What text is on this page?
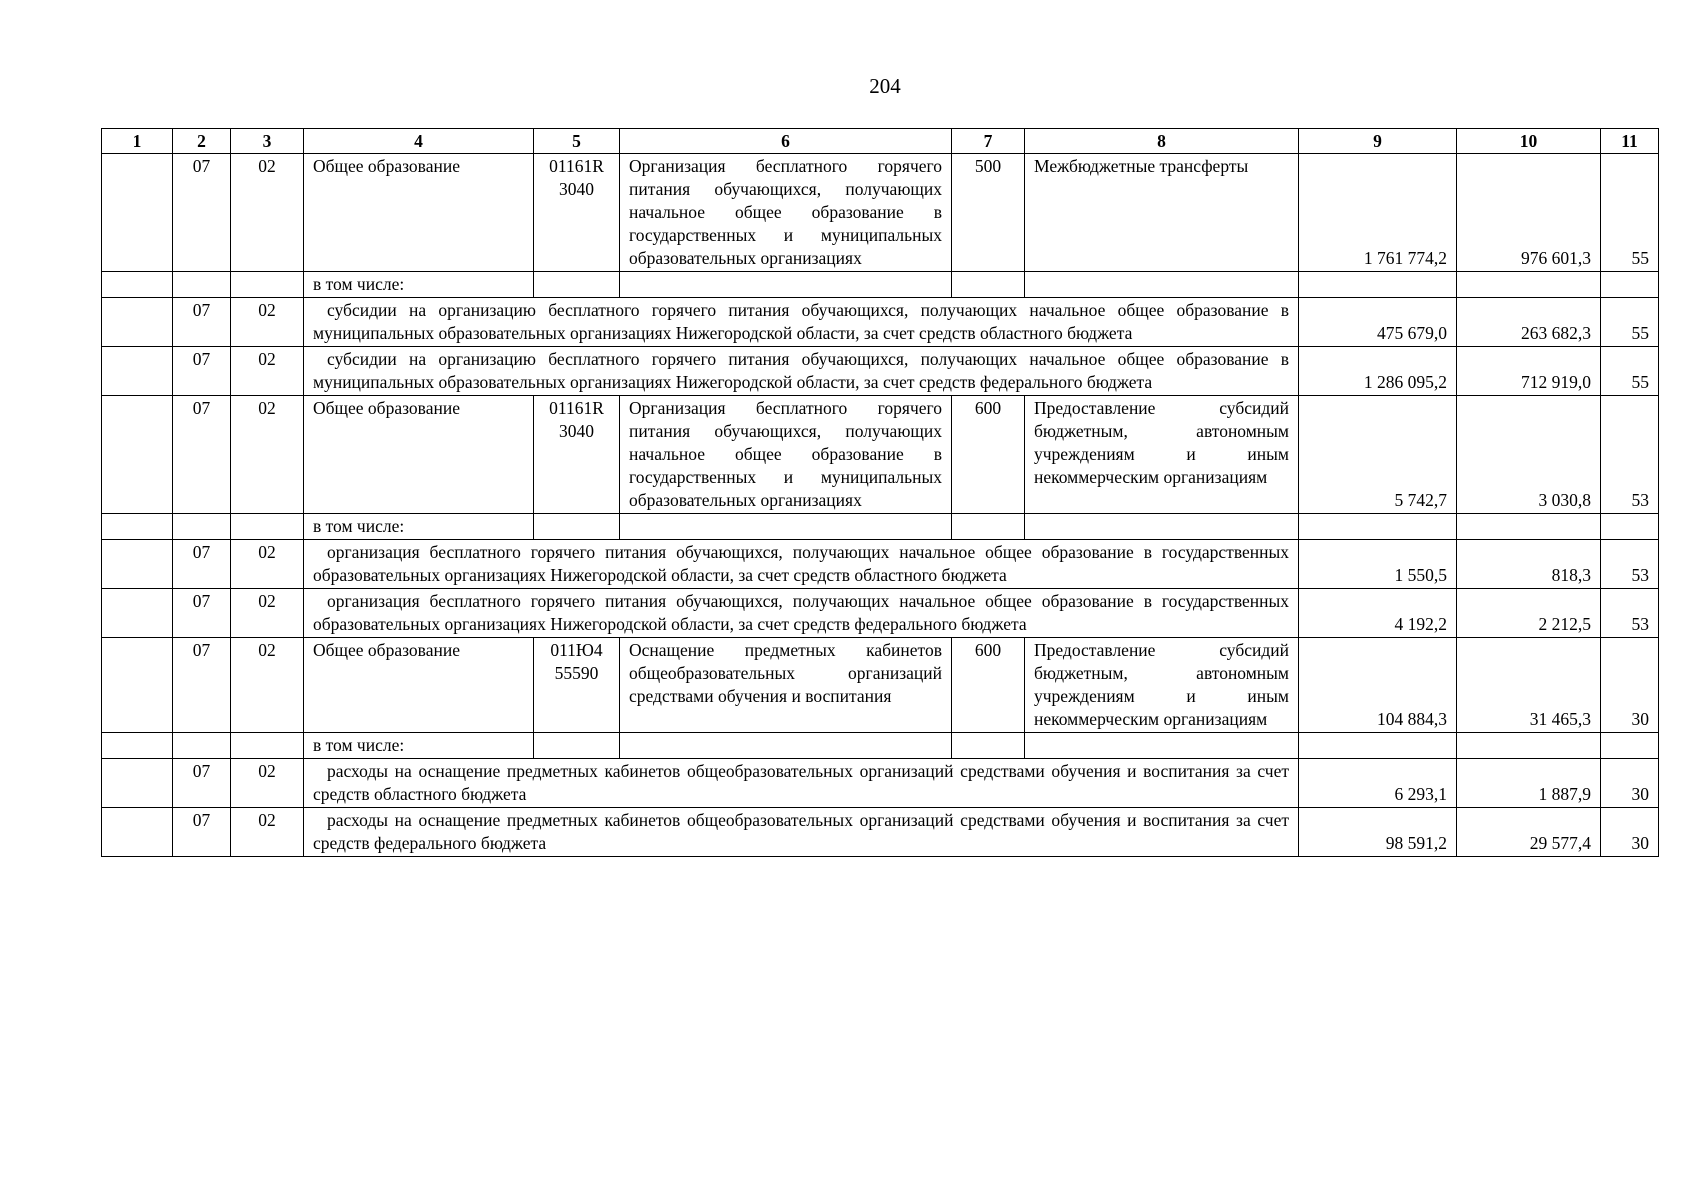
204
1	2	3	4	5	6	7	8	9	10	11
	07	02	Общее образование	01161R 3040	Организация бесплатного горячего питания обучающихся, получающих начальное общее образование в государственных и муниципальных образовательных организациях	500	Межбюджетные трансферты	1 761 774,2	976 601,3	55
			в том числе:							
	07	02	субсидии на организацию бесплатного горячего питания обучающихся, получающих начальное общее образование в муниципальных образовательных организациях Нижегородской области, за счет средств областного бюджета					475 679,0	263 682,3	55
	07	02	субсидии на организацию бесплатного горячего питания обучающихся, получающих начальное общее образование в муниципальных образовательных организациях Нижегородской области, за счет средств федерального бюджета					1 286 095,2	712 919,0	55
	07	02	Общее образование	01161R 3040	Организация бесплатного горячего питания обучающихся, получающих начальное общее образование в государственных и муниципальных образовательных организациях	600	Предоставление субсидий бюджетным, автономным учреждениям и иным некоммерческим организациям	5 742,7	3 030,8	53
			в том числе:							
	07	02	организация бесплатного горячего питания обучающихся, получающих начальное общее образование в государственных образовательных организациях Нижегородской области, за счет средств областного бюджета					1 550,5	818,3	53
	07	02	организация бесплатного горячего питания обучающихся, получающих начальное общее образование в государственных образовательных организациях Нижегородской области, за счет средств федерального бюджета					4 192,2	2 212,5	53
	07	02	Общее образование	011Ю4 55590	Оснащение предметных кабинетов общеобразовательных организаций средствами обучения и воспитания	600	Предоставление субсидий бюджетным, автономным учреждениям и иным некоммерческим организациям	104 884,3	31 465,3	30
			в том числе:							
	07	02	расходы на оснащение предметных кабинетов общеобразовательных организаций средствами обучения и воспитания за счет средств областного бюджета					6 293,1	1 887,9	30
	07	02	расходы на оснащение предметных кабинетов общеобразовательных организаций средствами обучения и воспитания за счет средств федерального бюджета					98 591,2	29 577,4	30
